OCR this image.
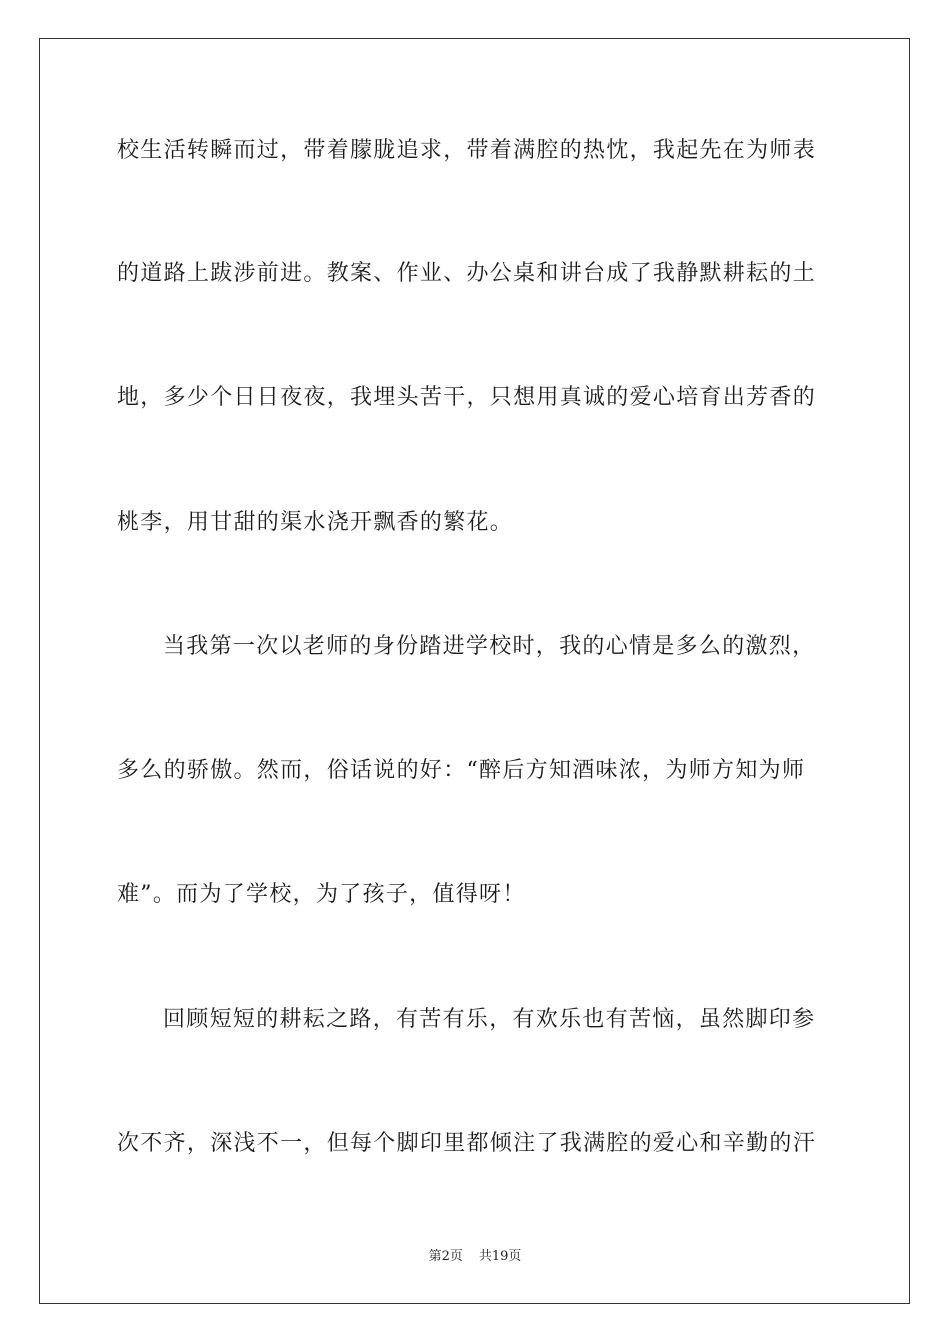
校生活转瞬而过，带着朦胧追求，带着满腔的热忱，我起先在为师表
的道路上跋涉前进。教案、作业、办公桌和讲台成了我静默耕耘的土
地，多少个日日夜夜，我埋头苦干，只想用真诚的爱心培育出芳香的
桃李，用甘甜的渠水浇开飘香的繁花。
当我第一次以老师的身份踏进学校时，我的心情是多么的激烈，
多么的骄傲。然而，俗话说的好：“醉后方知酒味浓，为师方知为师
难”。而为了学校，为了孩子，值得呀！
回顾短短的耕耘之路，有苦有乐，有欢乐也有苦恼，虽然脚印参
次不齐，深浅不一，但每个脚印里都倾注了我满腔的爱心和辛勤的汗
第2页 共19页
